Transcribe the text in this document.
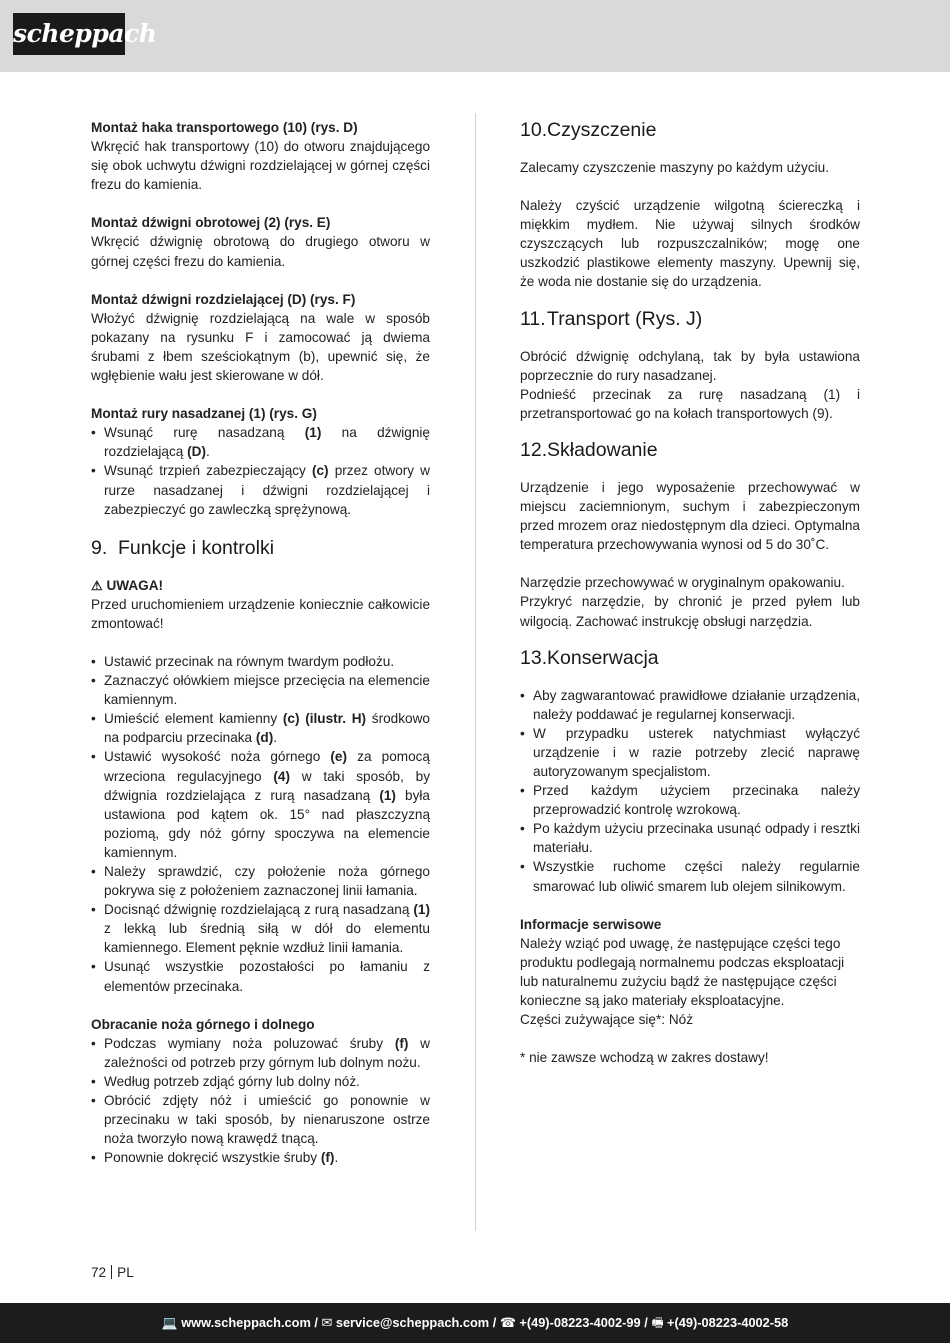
scheppach

Montaż haka transportowego (10) (rys. D)

Wkręcić hak transportowy (10) do otworu znajdującego się obok uchwytu dźwigni rozdzielającej w górnej części frezu do kamienia.

Montaż dźwigni obrotowej (2) (rys. E)

Wkręcić dźwignię obrotową do drugiego otworu w górnej części frezu do kamienia.

Montaż dźwigni rozdzielającej (D) (rys. F)

Włożyć dźwignię rozdzielającą na wale w sposób pokazany na rysunku F i zamocować ją dwiema śrubami z łbem sześciokątnym (b), upewnić się, że wgłębienie wału jest skierowane w dół.

Montaż rury nasadzanej (1) (rys. G)

• Wsunąć rurę nasadzaną (1) na dźwignię rozdzielającą (D).
• Wsunąć trzpień zabezpieczający (c) przez otwory w rurze nasadzanej i dźwigni rozdzielającej i zabezpieczyć go zawleczką sprężynową.
9. Funkcje i kontrolki

⚠ UWAGA!

Przed uruchomieniem urządzenie koniecznie całkowicie zmontować!

• Ustawić przecinak na równym twardym podłożu.
• Zaznaczyć ołówkiem miejsce przecięcia na elemencie kamiennym.
• Umieścić element kamienny (c) (ilustr. H) środkowo na podparciu przecinaka (d).
• Ustawić wysokość noża górnego (e) za pomocą wrzeciona regulacyjnego (4) w taki sposób, by dźwignia rozdzielająca z rurą nasadzaną (1) była ustawiona pod kątem ok. 15° nad płaszczyzną poziomą, gdy nóż górny spoczywa na elemencie kamiennym.
• Należy sprawdzić, czy położenie noża górnego pokrywa się z położeniem zaznaczonej linii łamania.
• Docisnąć dźwignię rozdzielającą z rurą nasadzaną (1) z lekką lub średnią siłą w dół do elementu kamiennego. Element pęknie wzdłuż linii łamania.
• Usunąć wszystkie pozostałości po łamaniu z elementów przecinaka.

Obracanie noża górnego i dolnego

• Podczas wymiany noża poluzować śruby (f) w zależności od potrzeb przy górnym lub dolnym nożu.
• Według potrzeb zdjąć górny lub dolny nóż.
• Obrócić zdjęty nóż i umieścić go ponownie w przecinaku w taki sposób, by nienaruszone ostrze noża tworzyło nową krawędź tnącą.
• Ponownie dokręcić wszystkie śruby (f).
10.Czyszczenie

Zalecamy czyszczenie maszyny po każdym użyciu.

Należy czyścić urządzenie wilgotną ściereczką i miękkim mydłem. Nie używaj silnych środków czyszczących lub rozpuszczalników; mogę one uszkodzić plastikowe elementy maszyny. Upewnij się, że woda nie dostanie się do urządzenia.

11.Transport (Rys. J)

Obrócić dźwignię odchylaną, tak by była ustawiona poprzecznie do rury nasadzanej.

Podnieść przecinak za rurę nasadzaną (1) i przetransportować go na kołach transportowych (9).

12.Składowanie

Urządzenie i jego wyposażenie przechowywać w miejscu zaciemnionym, suchym i zabezpieczonym przed mrozem oraz niedostępnym dla dzieci. Optymalna temperatura przechowywania wynosi od 5 do 30˚C.

Narzędzie przechowywać w oryginalnym opakowaniu.

Przykryć narzędzie, by chronić je przed pyłem lub wilgocią. Zachować instrukcję obsługi narzędzia.

13.Konserwacja
• Aby zagwarantować prawidłowe działanie urządzenia, należy poddawać je regularnej konserwacji.
• W przypadku usterek natychmiast wyłączyć urządzenie i w razie potrzeby zlecić naprawę autoryzowanym specjalistom.
• Przed każdym użyciem przecinaka należy przeprowadzić kontrolę wzrokową.
• Po każdym użyciu przecinaka usunąć odpady i resztki materiału.
• Wszystkie ruchome części należy regularnie smarować lub oliwić smarem lub olejem silnikowym.

Informacje serwisowe

Należy wziąć pod uwagę, że następujące części tego produktu podlegają normalnemu podczas eksploatacji lub naturalnemu zużyciu bądź że następujące części konieczne są jako materiały eksploatacyjne.

Części zużywające się*: Nóż

* nie zawsze wchodzą w zakres dostawy!

72 PL
💻 www.scheppach.com / ✉ service@scheppach.com / ☎ +(49)-08223-4002-99 / 🖷 +(49)-08223-4002-58
